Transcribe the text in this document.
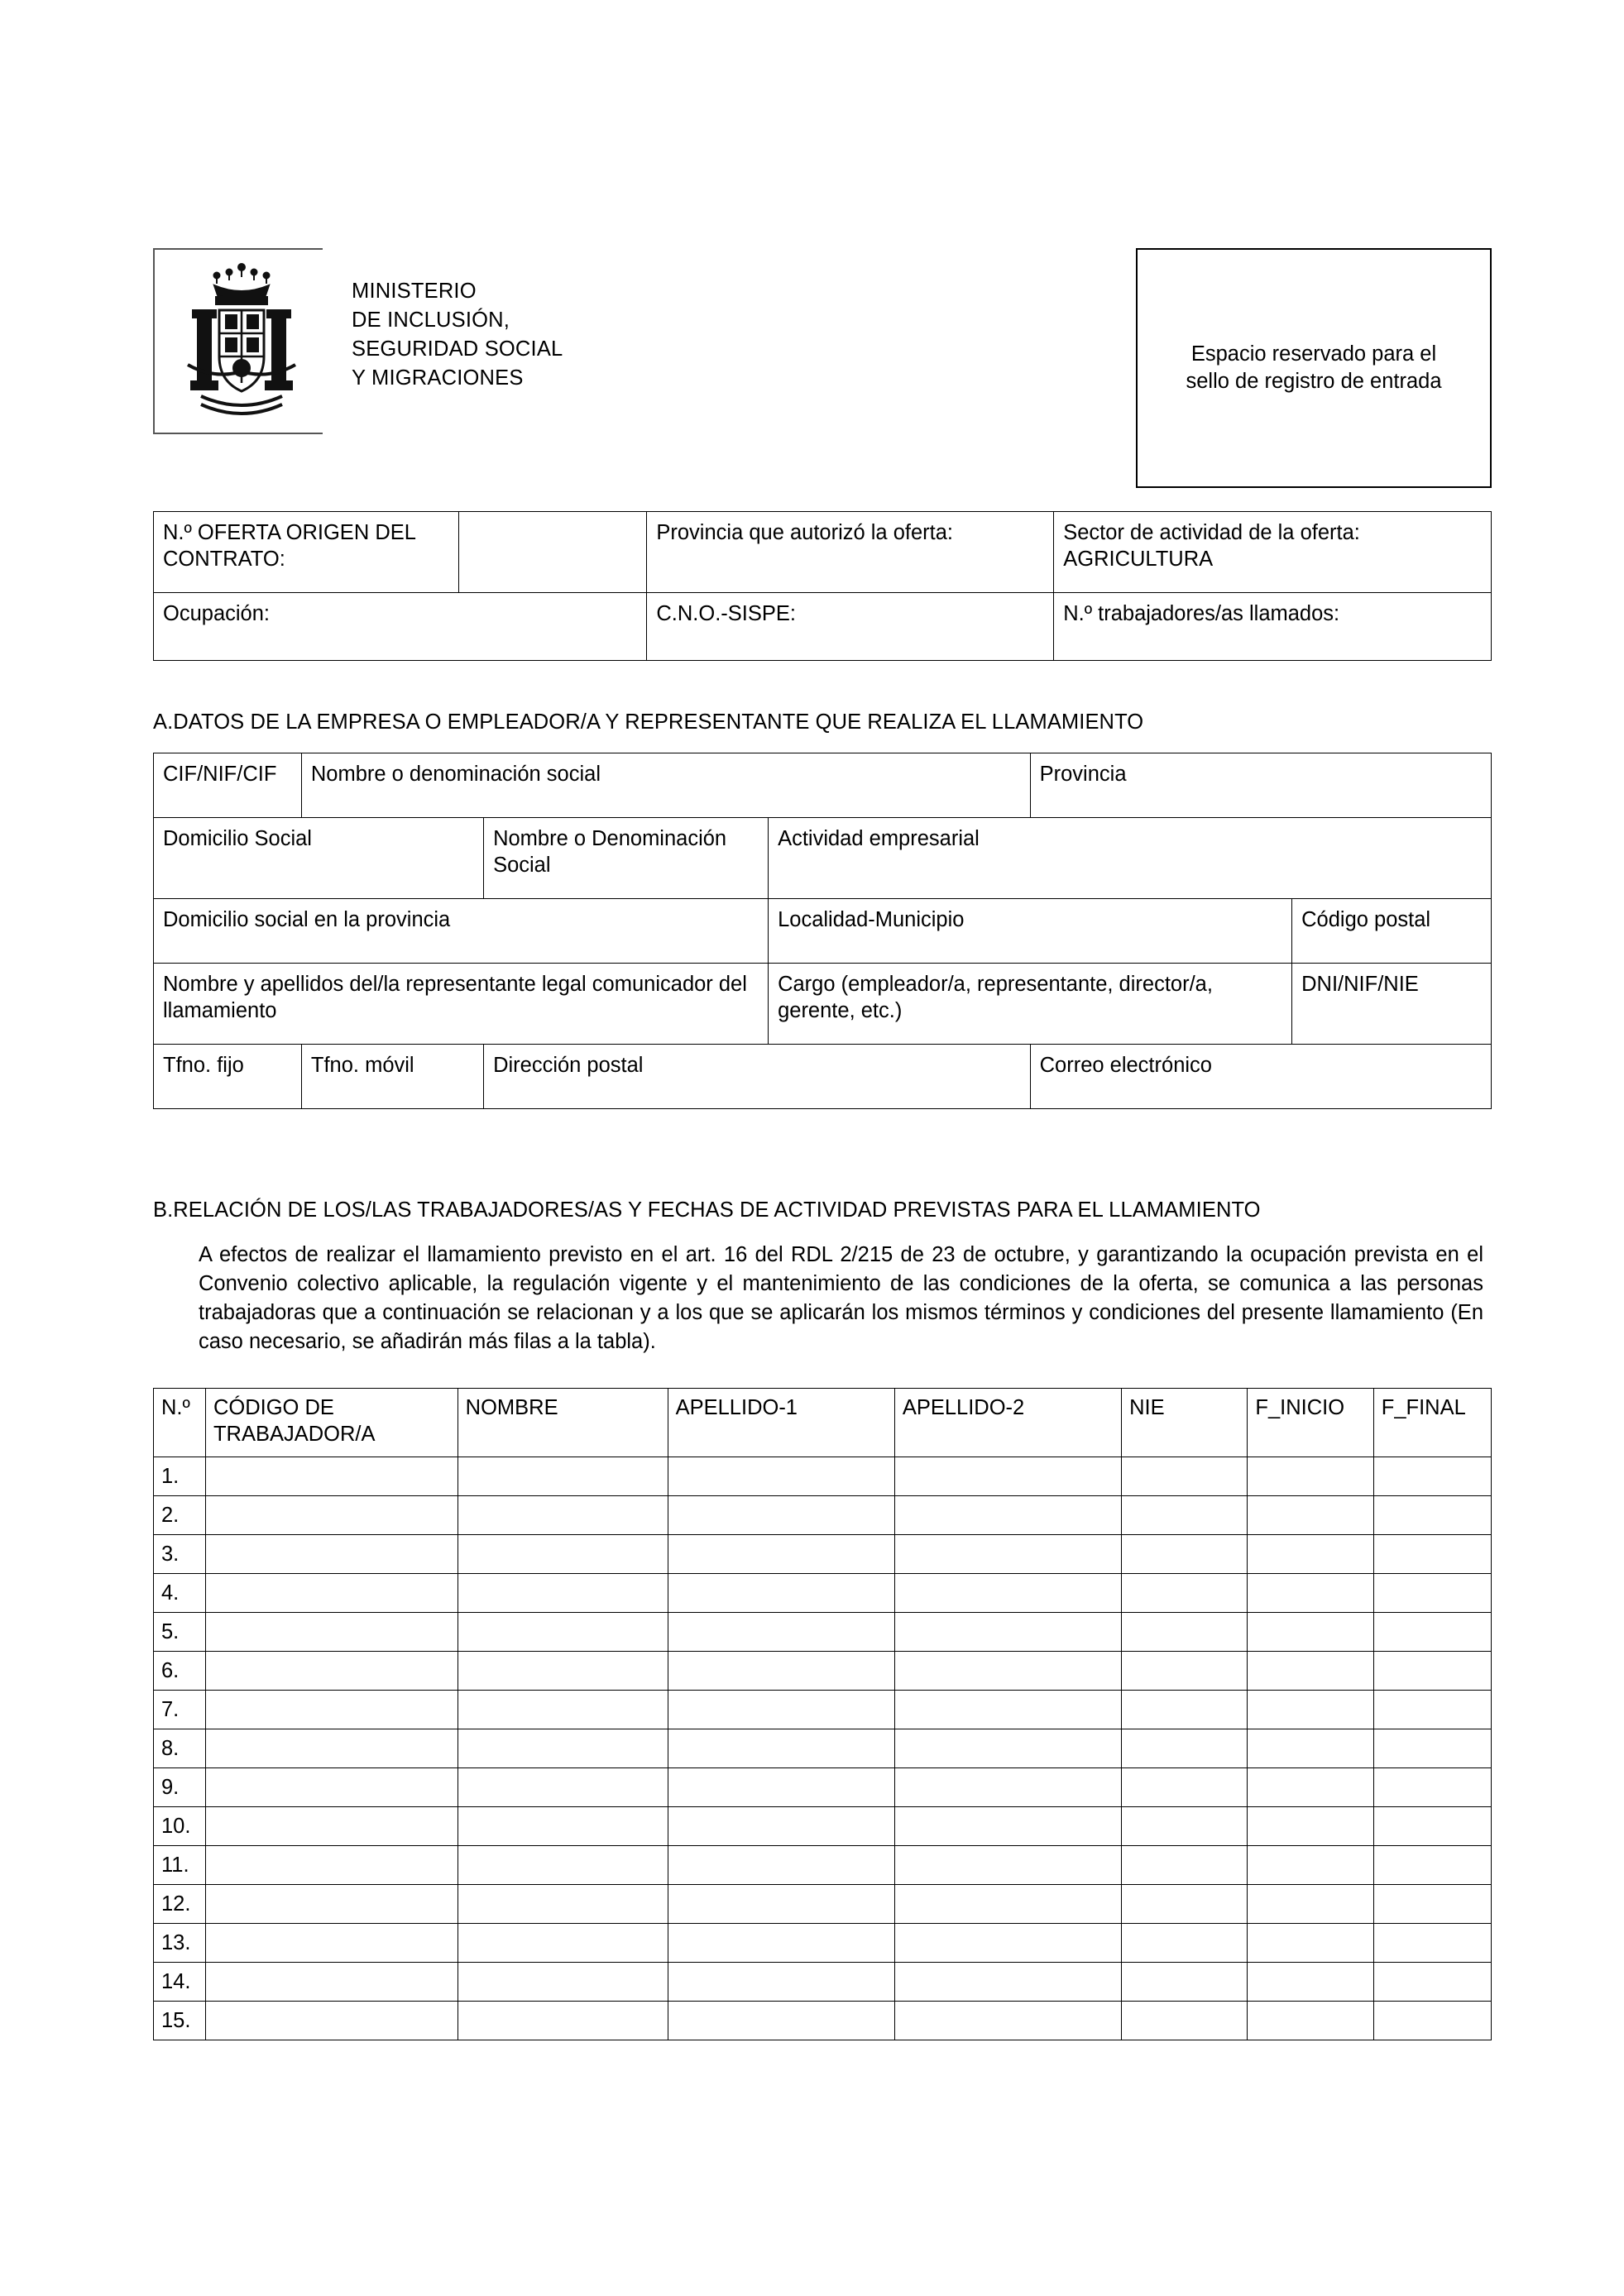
MINISTERIO
DE INCLUSIÓN,
SEGURIDAD SOCIAL
Y MIGRACIONES
Espacio reservado para el
sello de registro de entrada
N.º OFERTA ORIGEN DEL CONTRATO:		Provincia que autorizó la oferta:	Sector de actividad de la oferta:
AGRICULTURA

Ocupación:		C.N.O.-SISPE:	N.º trabajadores/as llamados:
A.DATOS DE LA EMPRESA O EMPLEADOR/A Y REPRESENTANTE QUE REALIZA EL LLAMAMIENTO
CIF/NIF/CIF	Nombre o denominación social			Provincia	
Domicilio Social		Nombre o Denominación Social	Actividad empresarial		
Domicilio social en la provincia			Localidad-Municipio		Código postal
Nombre y apellidos del/la representante legal comunicador del llamamiento			Cargo (empleador/a, representante, director/a, gerente, etc.)		DNI/NIF/NIE
Tfno. fijo	Tfno. móvil	Dirección postal		Correo electrónico	
B.RELACIÓN DE LOS/LAS TRABAJADORES/AS Y FECHAS DE ACTIVIDAD PREVISTAS PARA EL LLAMAMIENTO
A efectos de realizar el llamamiento previsto en el art. 16 del RDL 2/215 de 23 de octubre, y garantizando la ocupación prevista en el Convenio colectivo aplicable, la regulación vigente y el mantenimiento de las condiciones de la oferta, se comunica a las personas trabajadoras que a continuación se relacionan y a los que se aplicarán los mismos términos y condiciones del presente llamamiento (En caso necesario, se añadirán más filas a la tabla).
N.º	CÓDIGO DE TRABAJADOR/A	NOMBRE	APELLIDO-1	APELLIDO-2	NIE	F_INICIO	F_FINAL
1.							
2.							
3.							
4.							
5.							
6.							
7.							
8.							
9.							
10.							
11.							
12.							
13.							
14.							
15.							
